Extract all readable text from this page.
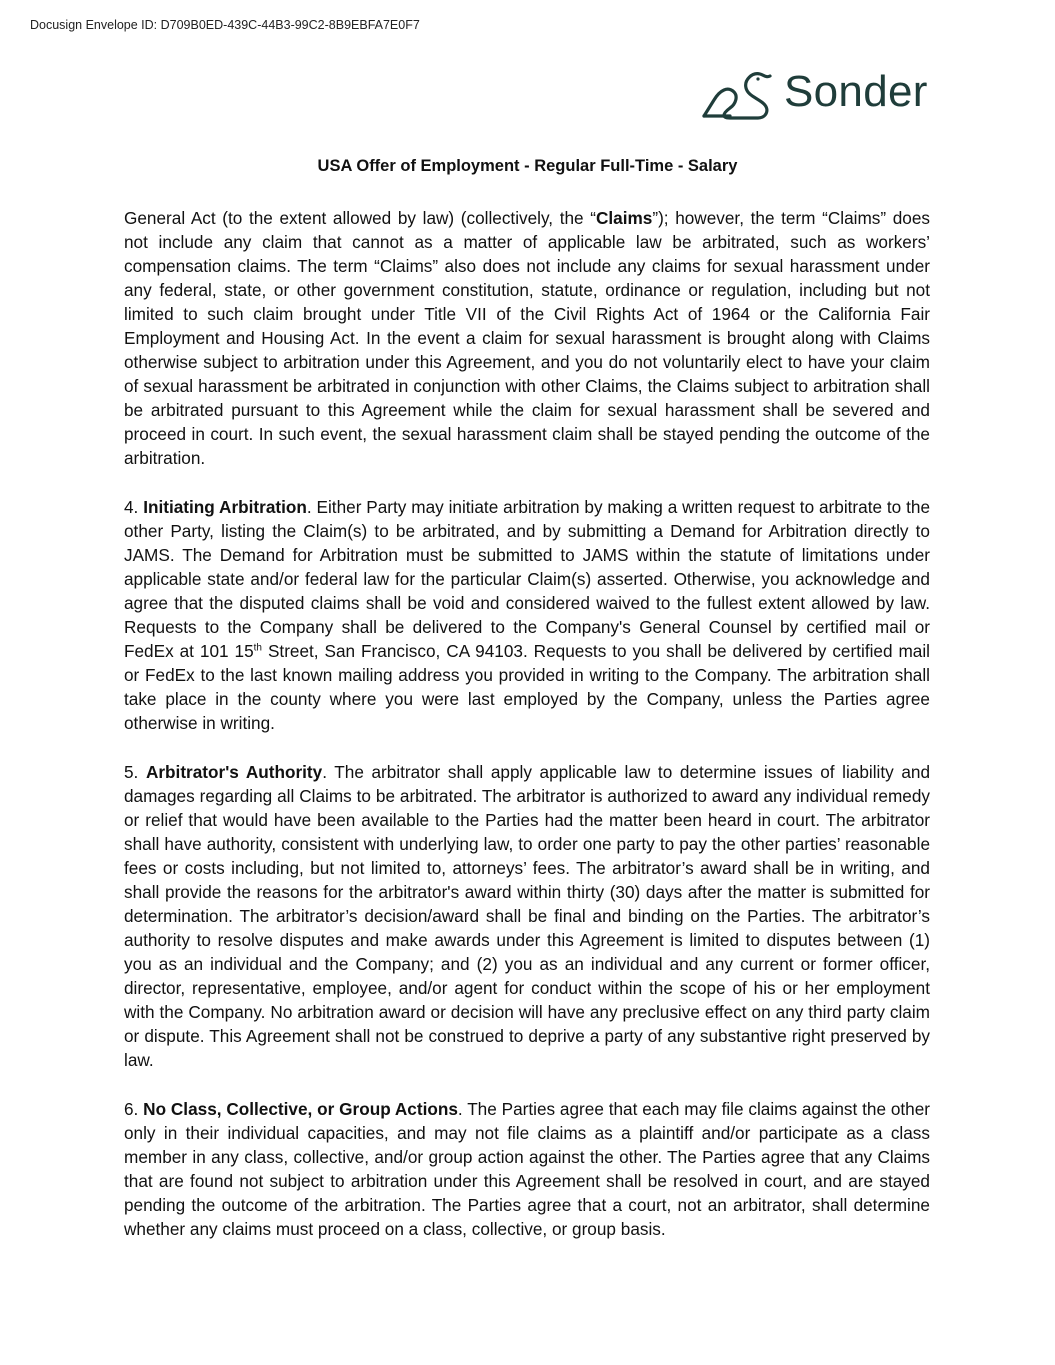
Docusign Envelope ID: D709B0ED-439C-44B3-99C2-8B9EBFA7E0F7
Sonder
USA Offer of Employment - Regular Full-Time - Salary

General Act (to the extent allowed by law) (collectively, the “Claims”); however, the term “Claims” does not include any claim that cannot as a matter of applicable law be arbitrated, such as workers’ compensation claims. The term “Claims” also does not include any claims for sexual harassment under any federal, state, or other government constitution, statute, ordinance or regulation, including but not limited to such claim brought under Title VII of the Civil Rights Act of 1964 or the California Fair Employment and Housing Act. In the event a claim for sexual harassment is brought along with Claims otherwise subject to arbitration under this Agreement, and you do not voluntarily elect to have your claim of sexual harassment be arbitrated in conjunction with other Claims, the Claims subject to arbitration shall be arbitrated pursuant to this Agreement while the claim for sexual harassment shall be severed and proceed in court. In such event, the sexual harassment claim shall be stayed pending the outcome of the arbitration.

4. Initiating Arbitration. Either Party may initiate arbitration by making a written request to arbitrate to the other Party, listing the Claim(s) to be arbitrated, and by submitting a Demand for Arbitration directly to JAMS. The Demand for Arbitration must be submitted to JAMS within the statute of limitations under applicable state and/or federal law for the particular Claim(s) asserted. Otherwise, you acknowledge and agree that the disputed claims shall be void and considered waived to the fullest extent allowed by law. Requests to the Company shall be delivered to the Company's General Counsel by certified mail or FedEx at 101 15th Street, San Francisco, CA 94103. Requests to you shall be delivered by certified mail or FedEx to the last known mailing address you provided in writing to the Company. The arbitration shall take place in the county where you were last employed by the Company, unless the Parties agree otherwise in writing.

5. Arbitrator's Authority. The arbitrator shall apply applicable law to determine issues of liability and damages regarding all Claims to be arbitrated. The arbitrator is authorized to award any individual remedy or relief that would have been available to the Parties had the matter been heard in court. The arbitrator shall have authority, consistent with underlying law, to order one party to pay the other parties’ reasonable fees or costs including, but not limited to, attorneys’ fees. The arbitrator’s award shall be in writing, and shall provide the reasons for the arbitrator's award within thirty (30) days after the matter is submitted for determination. The arbitrator’s decision/award shall be final and binding on the Parties. The arbitrator’s authority to resolve disputes and make awards under this Agreement is limited to disputes between (1) you as an individual and the Company; and (2) you as an individual and any current or former officer, director, representative, employee, and/or agent for conduct within the scope of his or her employment with the Company. No arbitration award or decision will have any preclusive effect on any third party claim or dispute. This Agreement shall not be construed to deprive a party of any substantive right preserved by law.

6. No Class, Collective, or Group Actions. The Parties agree that each may file claims against the other only in their individual capacities, and may not file claims as a plaintiff and/or participate as a class member in any class, collective, and/or group action against the other. The Parties agree that any Claims that are found not subject to arbitration under this Agreement shall be resolved in court, and are stayed pending the outcome of the arbitration. The Parties agree that a court, not an arbitrator, shall determine whether any claims must proceed on a class, collective, or group basis.
